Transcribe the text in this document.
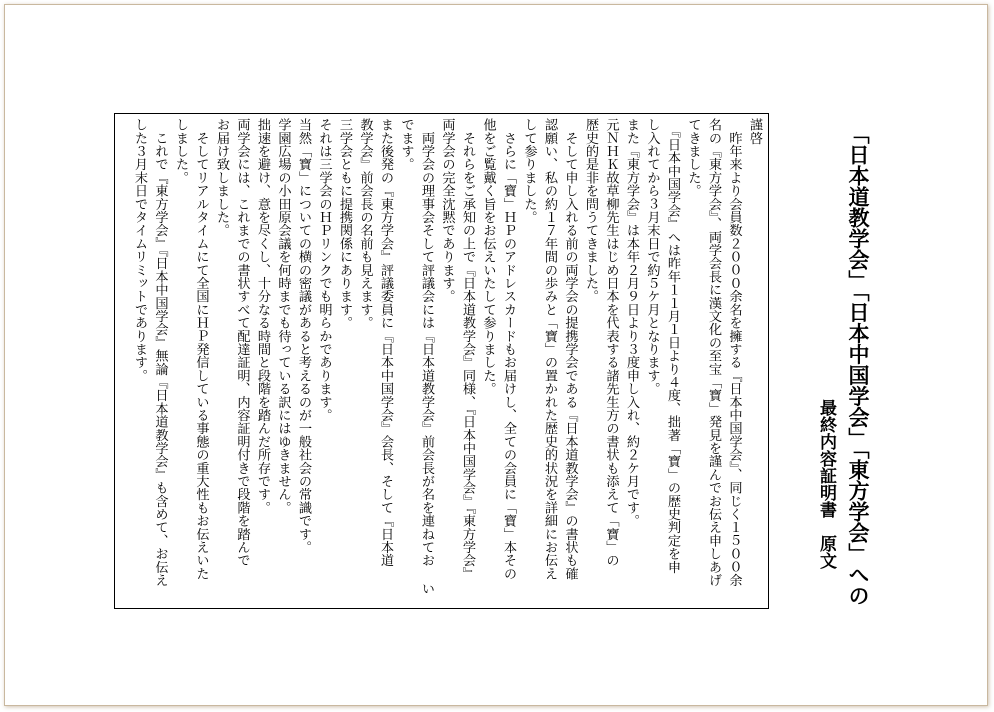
「日本道教学会」「日本中国学会」「東方学会」への
最終内容証明書　原文
謹啓
　昨年来より会員数２０００余名を擁する『日本中国学会』、同じく１５００余
名の『東方学会』、両学会長に漢文化の至宝「寶」発見を謹んでお伝え申しあげ
てきました。
　『日本中国学会』へは昨年１１月１日より４度、拙著「寶」の歴史判定を申
し入れてから３月末日で約５ケ月となります。
また『東方学会』は本年２月９日より３度申し入れ、約２ケ月です。
元ＮＨＫ故草柳先生はじめ日本を代表する諸先生方の書状も添えて「寶」の
歴史的是非を問うてきました。
　そして申し入れる前の両学会の提携学会である『日本道教学会』の書状も確
認願い、私の約１７年間の歩みと「寶」の置かれた歴史的状況を詳細にお伝え
して参りました。
　さらに「寶」ＨＰのアドレスカードもお届けし、全ての会員に「寶」本その
他をご覧戴く旨をお伝えいたして参りました。
　それらをご承知の上で『日本道教学会』同様、『日本中国学会』『東方学会』
両学会の完全沈黙であります。
　両学会の理事会そして評議会には『日本道教学会』前会長が名を連ねてお い
でます。
また後発の『東方学会』評議委員に『日本中国学会』会長、そして『日本道
教学会』前会長の名前も見えます。
三学会ともに提携関係にあります。
それは三学会のＨＰリンクでも明らかであります。
当然「寶」についての横の密議があると考えるのが一般社会の常識です。
学園広場の小田原会議を何時までも待っている訳にはゆきません。
拙速を避け、意を尽くし、十分なる時間と段階を踏んだ所存です。
両学会には、これまでの書状すべて配達証明、内容証明付きで段階を踏んで
お届け致しました。
　そしてリアルタイムにて全国にＨＰ発信している事態の重大性もお伝えいた
しました。
　これで『東方学会』『日本中国学会』無論『日本道教学会』も含めて、お伝え
した３月末日でタイムリミットであります。
